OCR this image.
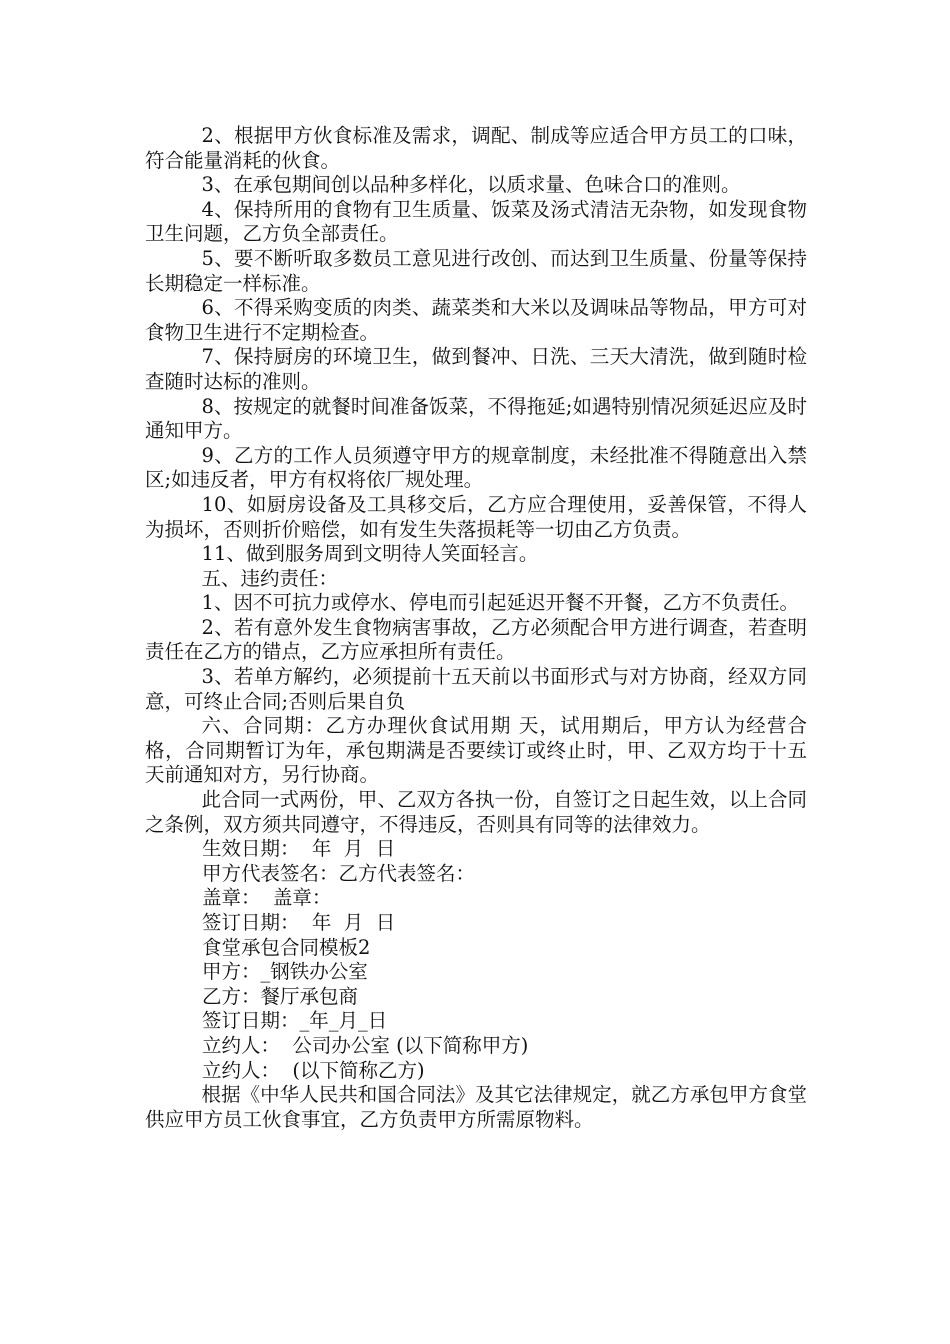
2、根据甲方伙食标准及需求，调配、制成等应适合甲方员工的口味，符合能量消耗的伙食。

3、在承包期间创以品种多样化，以质求量、色味合口的准则。

4、保持所用的食物有卫生质量、饭菜及汤式清洁无杂物，如发现食物卫生问题，乙方负全部责任。

5、要不断听取多数员工意见进行改创、而达到卫生质量、份量等保持长期稳定一样标准。

6、不得采购变质的肉类、蔬菜类和大米以及调味品等物品，甲方可对食物卫生进行不定期检查。

7、保持厨房的环境卫生，做到餐冲、日洗、三天大清洗，做到随时检查随时达标的准则。

8、按规定的就餐时间准备饭菜，不得拖延;如遇特别情况须延迟应及时通知甲方。

9、乙方的工作人员须遵守甲方的规章制度，未经批准不得随意出入禁区;如违反者，甲方有权将依厂规处理。

10、如厨房设备及工具移交后，乙方应合理使用，妥善保管，不得人为损坏，否则折价赔偿，如有发生失落损耗等一切由乙方负责。

11、做到服务周到文明待人笑面轻言。

五、违约责任：

1、因不可抗力或停水、停电而引起延迟开餐不开餐，乙方不负责任。

2、若有意外发生食物病害事故，乙方必须配合甲方进行调查，若查明责任在乙方的错点，乙方应承担所有责任。

3、若单方解约，必须提前十五天前以书面形式与对方协商，经双方同意，可终止合同;否则后果自负

六、合同期：乙方办理伙食试用期 天，试用期后，甲方认为经营合格，合同期暂订为年，承包期满是否要续订或终止时，甲、乙双方均于十五天前通知对方，另行协商。

此合同一式两份，甲、乙双方各执一份，自签订之日起生效，以上合同之条例，双方须共同遵守，不得违反，否则具有同等的法律效力。

生效日期：  年  月  日

甲方代表签名：乙方代表签名：

盖章：  盖章：

签订日期：  年  月  日

食堂承包合同模板2

甲方：_钢铁办公室

乙方：餐厅承包商

签订日期：_年_月_日

立约人：  公司办公室 (以下简称甲方)

立约人：  (以下简称乙方)

根据《中华人民共和国合同法》及其它法律规定，就乙方承包甲方食堂供应甲方员工伙食事宜，乙方负责甲方所需原物料。
